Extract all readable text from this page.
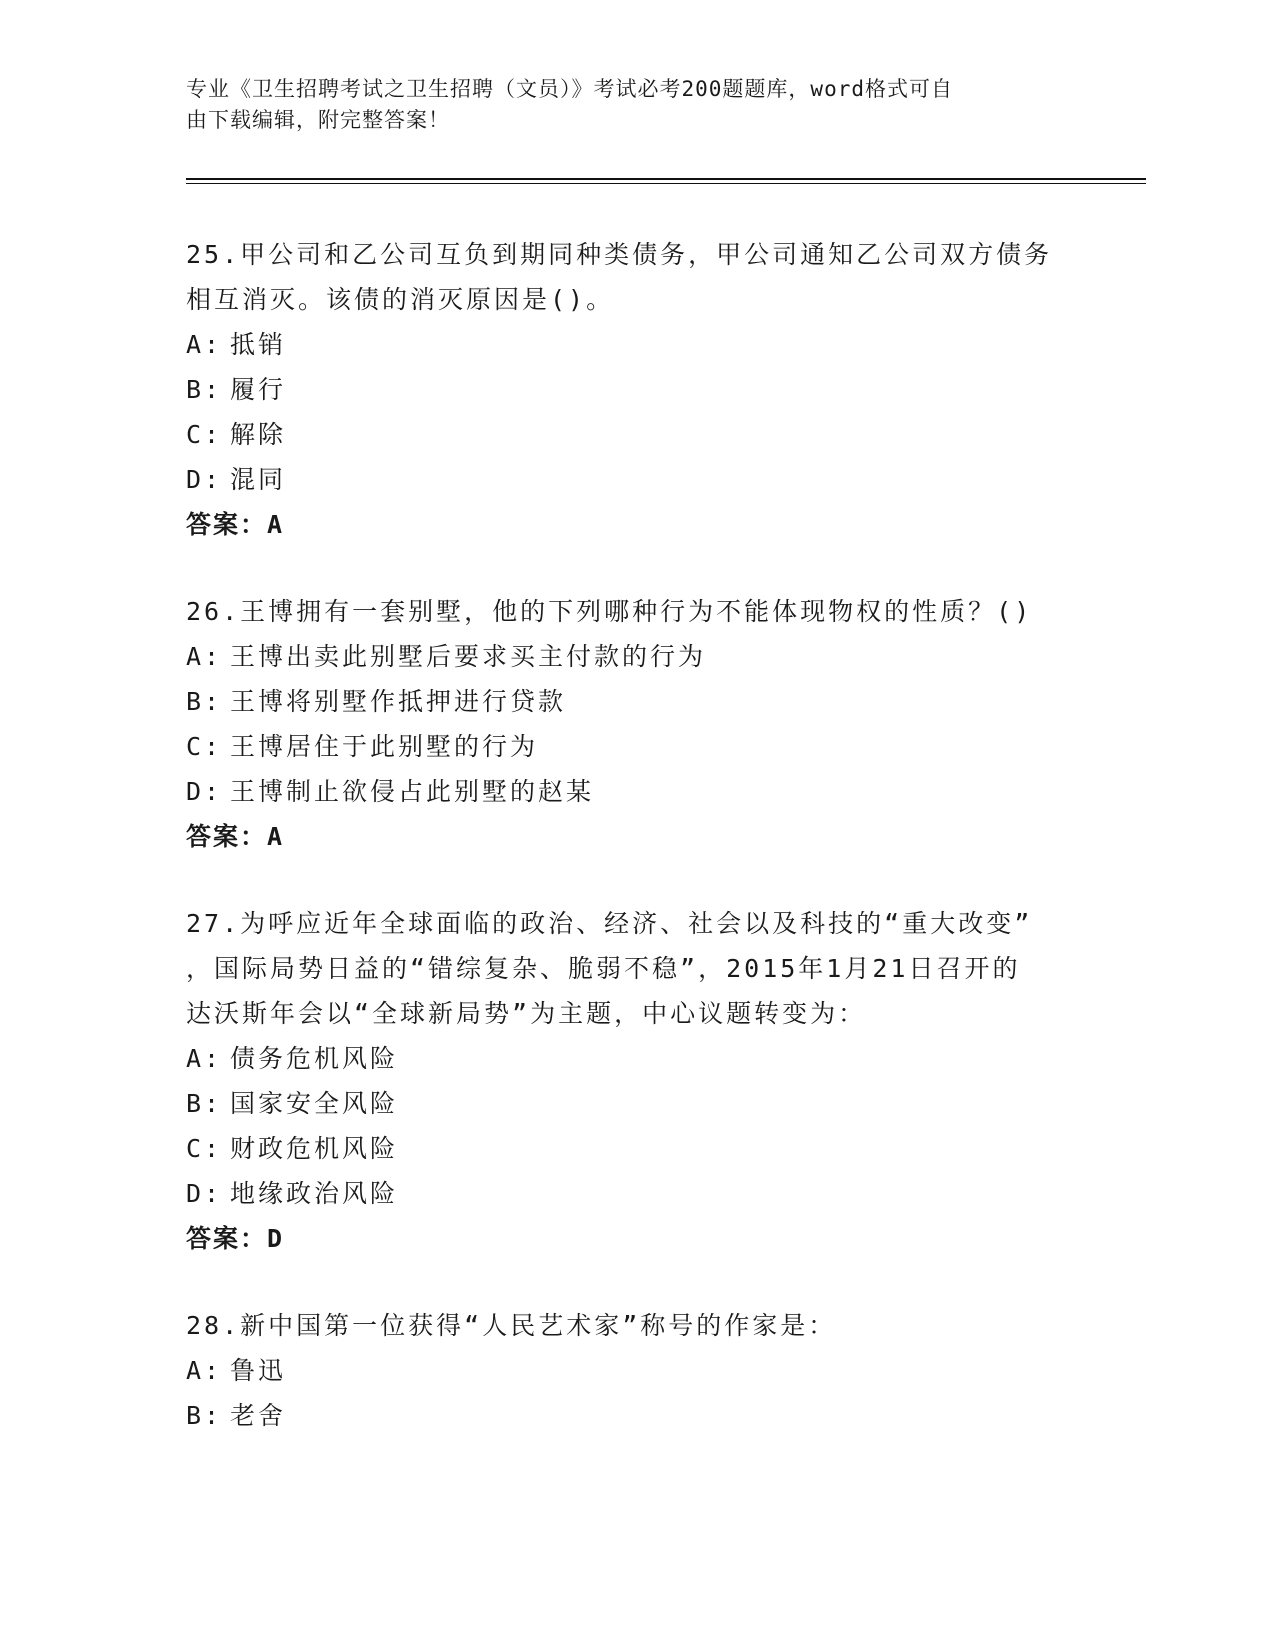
专业《卫生招聘考试之卫生招聘（文员）》考试必考200题题库，word格式可自
由下载编辑，附完整答案！

25.甲公司和乙公司互负到期同种类债务，甲公司通知乙公司双方债务

相互消灭。该债的消灭原因是()。

A: 抵销

B: 履行

C: 解除

D: 混同

答案：A

26.王博拥有一套别墅，他的下列哪种行为不能体现物权的性质？()

A: 王博出卖此别墅后要求买主付款的行为

B: 王博将别墅作抵押进行贷款

C: 王博居住于此别墅的行为

D: 王博制止欲侵占此别墅的赵某

答案：A

27.为呼应近年全球面临的政治、经济、社会以及科技的“重大改变”

，国际局势日益的“错综复杂、脆弱不稳”，2015年1月21日召开的

达沃斯年会以“全球新局势”为主题，中心议题转变为：

A: 债务危机风险

B: 国家安全风险

C: 财政危机风险

D: 地缘政治风险

答案：D

28.新中国第一位获得“人民艺术家”称号的作家是：

A: 鲁迅

B: 老舍
